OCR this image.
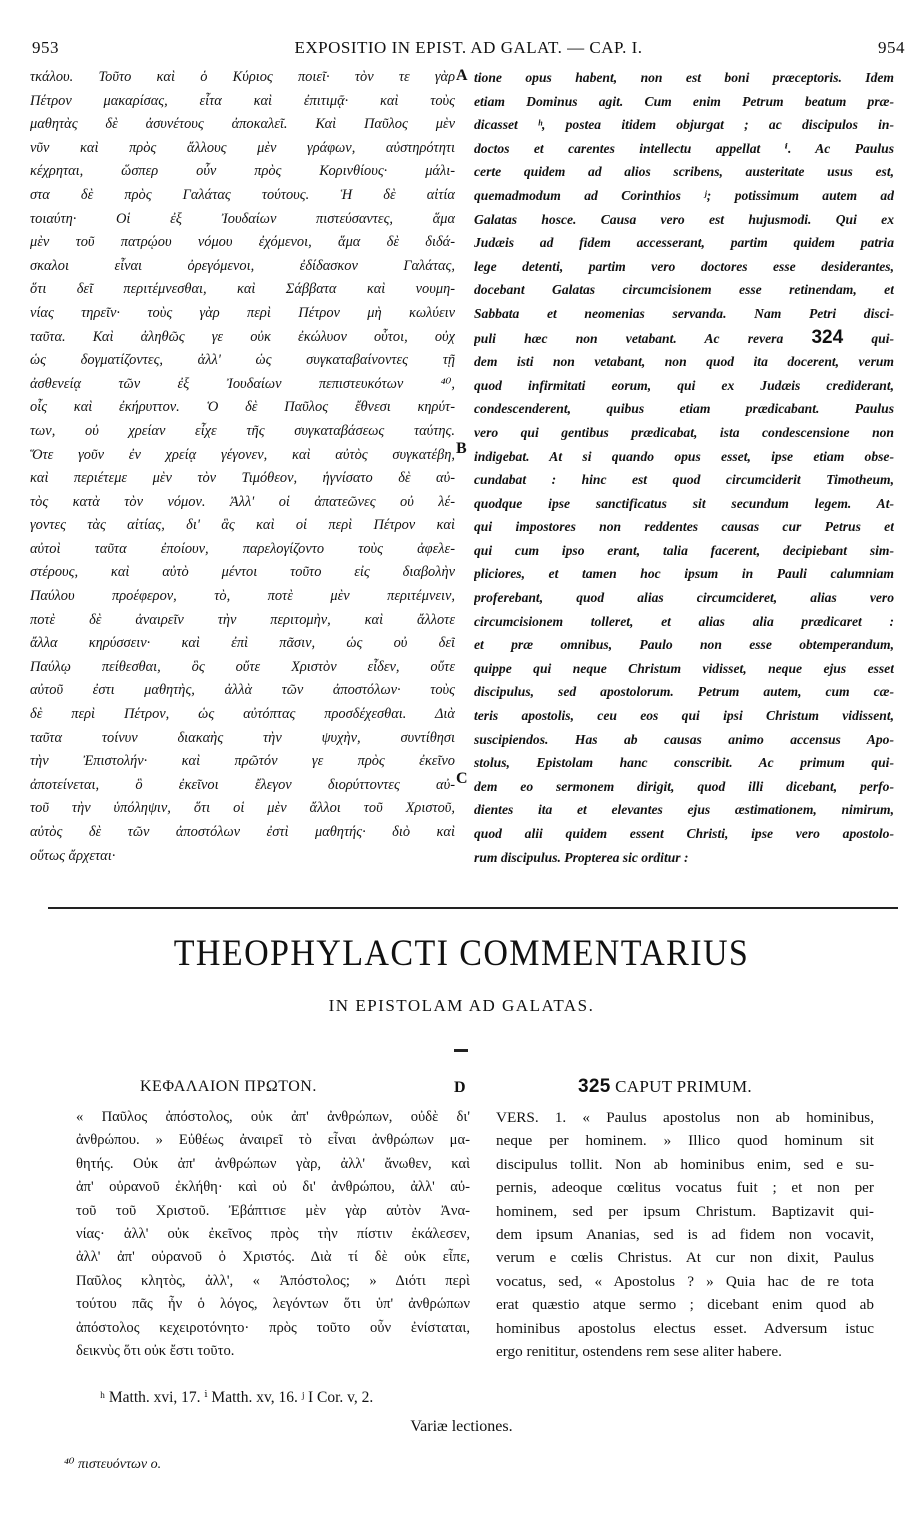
953	EXPOSITIO IN EPIST. AD GALAT. — CAP. I.	954
τκάλου. Τοῦτο καὶ ὁ Κύριος ποιεῖ· τὸν τε γὰρ
Πέτρον μακαρίσας, εἶτα καὶ ἐπιτιμᾷ· καὶ τοὺς
μαθητὰς δὲ ἀσυνέτους ἀποκαλεῖ. Καὶ Παῦλος μὲν
νῦν καὶ πρὸς ἄλλους μὲν γράφων, αὐστηρότητι
κέχρηται, ὥσπερ οὖν πρὸς Κορινθίους· μάλι-
στα δὲ πρὸς Γαλάτας τούτους. Ἡ δὲ αἰτία
τοιαύτη· Οἱ ἐξ Ἰουδαίων πιστεύσαντες, ἅμα
μὲν τοῦ πατρῴου νόμου ἐχόμενοι, ἅμα δὲ διδά-
σκαλοι εἶναι ὀρεγόμενοι, ἐδίδασκον Γαλάτας,
ὅτι δεῖ περιτέμνεσθαι, καὶ Σάββατα καὶ νουμη-
νίας τηρεῖν· τοὺς γὰρ περὶ Πέτρον μὴ κωλύειν
ταῦτα. Καὶ ἀληθῶς γε οὐκ ἐκώλυον οὗτοι, οὐχ
ὡς δογματίζοντες, ἀλλ' ὡς συγκαταβαίνοντες τῇ
ἀσθενείᾳ τῶν ἐξ Ἰουδαίων πεπιστευκότων ⁴⁰,
οἷς καὶ ἐκήρυττον. Ὁ δὲ Παῦλος ἔθνεσι κηρύτ-
των, οὐ χρείαν εἶχε τῆς συγκαταβάσεως ταύτης.
Ὅτε γοῦν ἐν χρείᾳ γέγονεν, καὶ αὐτὸς συγκατέβη,
καὶ περιέτεμε μὲν τὸν Τιμόθεον, ἡγνίσατο δὲ αὐ-
τὸς κατὰ τὸν νόμον. Ἀλλ' οἱ ἀπατεῶνες οὐ λέ-
γοντες τὰς αἰτίας, δι' ἃς καὶ οἱ περὶ Πέτρον καὶ
αὐτοὶ ταῦτα ἐποίουν, παρελογίζοντο τοὺς ἀφελε-
στέρους, καὶ αὐτὸ μέντοι τοῦτο εἰς διαβολὴν
Παύλου προέφερον, τὸ, ποτὲ μὲν περιτέμνειν,
ποτὲ δὲ ἀναιρεῖν τὴν περιτομὴν, καὶ ἄλλοτε
ἄλλα κηρύσσειν· καὶ ἐπὶ πᾶσιν, ὡς οὐ δεῖ
Παύλῳ πείθεσθαι, ὃς οὔτε Χριστὸν εἶδεν, οὔτε
αὐτοῦ ἐστι μαθητὴς, ἀλλὰ τῶν ἀποστόλων· τοὺς
δὲ περὶ Πέτρον, ὡς αὐτόπτας προσδέχεσθαι. Διὰ
ταῦτα τοίνυν διακαὴς τὴν ψυχὴν, συντίθησι
τὴν Ἐπιστολήν· καὶ πρῶτόν γε πρὸς ἐκεῖνο
ἀποτείνεται, ὃ ἐκεῖνοι ἔλεγον διορύττοντες αὐ-
τοῦ τὴν ὑπόληψιν, ὅτι οἱ μὲν ἄλλοι τοῦ Χριστοῦ,
αὐτὸς δὲ τῶν ἀποστόλων ἐστὶ μαθητής· διὸ καὶ
οὕτως ἄρχεται·
A
B
C
tione opus habent, non est boni præceptoris. Idem
etiam Dominus agit. Cum enim Petrum beatum præ-
dicasset ʰ, postea itidem objurgat ; ac discipulos in-
doctos et carentes intellectu appellat ⁱ. Ac Paulus
certe quidem ad alios scribens, austeritate usus est,
quemadmodum ad Corinthios ʲ; potissimum autem ad
Galatas hosce. Causa vero est hujusmodi. Qui ex
Judæis ad fidem accesserant, partim quidem patria
lege detenti, partim vero doctores esse desiderantes,
docebant Galatas circumcisionem esse retinendam, et
Sabbata et neomenias servanda. Nam Petri disci-
puli hæc non vetabant. Ac revera 324 qui-
dem isti non vetabant, non quod ita docerent, verum
quod infirmitati eorum, qui ex Judæis crediderant,
condescenderent, quibus etiam prædicabant. Paulus
vero qui gentibus prædicabat, ista condescensione non
indigebat. At si quando opus esset, ipse etiam obse-
cundabat : hinc est quod circumciderit Timotheum,
quodque ipse sanctificatus sit secundum legem. At-
qui impostores non reddentes causas cur Petrus et
qui cum ipso erant, talia facerent, decipiebant sim-
pliciores, et tamen hoc ipsum in Pauli calumniam
proferebant, quod alias circumcideret, alias vero
circumcisionem tolleret, et alias alia prædicaret :
et præ omnibus, Paulo non esse obtemperandum,
quippe qui neque Christum vidisset, neque ejus esset
discipulus, sed apostolorum. Petrum autem, cum cæ-
teris apostolis, ceu eos qui ipsi Christum vidissent,
suscipiendos. Has ab causas animo accensus Apo-
stolus, Epistolam hanc conscribit. Ac primum qui-
dem eo sermonem dirigit, quod illi dicebant, perfo-
dientes ita et elevantes ejus æstimationem, nimirum,
quod alii quidem essent Christi, ipse vero apostolo-
rum discipulus. Propterea sic orditur :
THEOPHYLACTI COMMENTARIUS
IN EPISTOLAM AD GALATAS.
ΚΕΦΑΛΑΙΟΝ ΠΡΩΤΟΝ.	D	325 CAPUT PRIMUM.
« Παῦλος ἀπόστολος, οὐκ ἀπ' ἀνθρώπων, οὐδὲ δι'
ἀνθρώπου. » Εὐθέως ἀναιρεῖ τὸ εἶναι ἀνθρώπων μα-
θητής. Οὐκ ἀπ' ἀνθρώπων γὰρ, ἀλλ' ἄνωθεν, καὶ
ἀπ' οὐρανοῦ ἐκλήθη· καὶ οὐ δι' ἀνθρώπου, ἀλλ' αὐ-
τοῦ τοῦ Χριστοῦ. Ἐβάπτισε μὲν γὰρ αὐτὸν Ἀνα-
νίας· ἀλλ' οὐκ ἐκεῖνος πρὸς τὴν πίστιν ἐκάλεσεν,
ἀλλ' ἀπ' οὐρανοῦ ὁ Χριστός. Διὰ τί δὲ οὐκ εἶπε,
Παῦλος κλητὸς, ἀλλ', « Ἀπόστολος; » Διότι περὶ
τούτου πᾶς ἦν ὁ λόγος, λεγόντων ὅτι ὑπ' ἀνθρώπων
ἀπόστολος κεχειροτόνητο· πρὸς τοῦτο οὖν ἐνίσταται,
δεικνὺς ὅτι οὐκ ἔστι τοῦτο.
VERS. 1. « Paulus apostolus non ab hominibus,
neque per hominem. » Illico quod hominum sit
discipulus tollit. Non ab hominibus enim, sed e su-
pernis, adeoque cœlitus vocatus fuit ; et non per
hominem, sed per ipsum Christum. Baptizavit qui-
dem ipsum Ananias, sed is ad fidem non vocavit,
verum e cœlis Christus. At cur non dixit, Paulus
vocatus, sed, « Apostolus ? » Quia hac de re tota
erat quæstio atque sermo ; dicebant enim quod ab
hominibus apostolus electus esset. Adversum istuc
ergo renititur, ostendens rem sese aliter habere.
ʰ Matth. xvi, 17. ⁱ Matth. xv, 16. ʲ I Cor. v, 2.
Variæ lectiones.
⁴⁰ πιστευόντων ο.
